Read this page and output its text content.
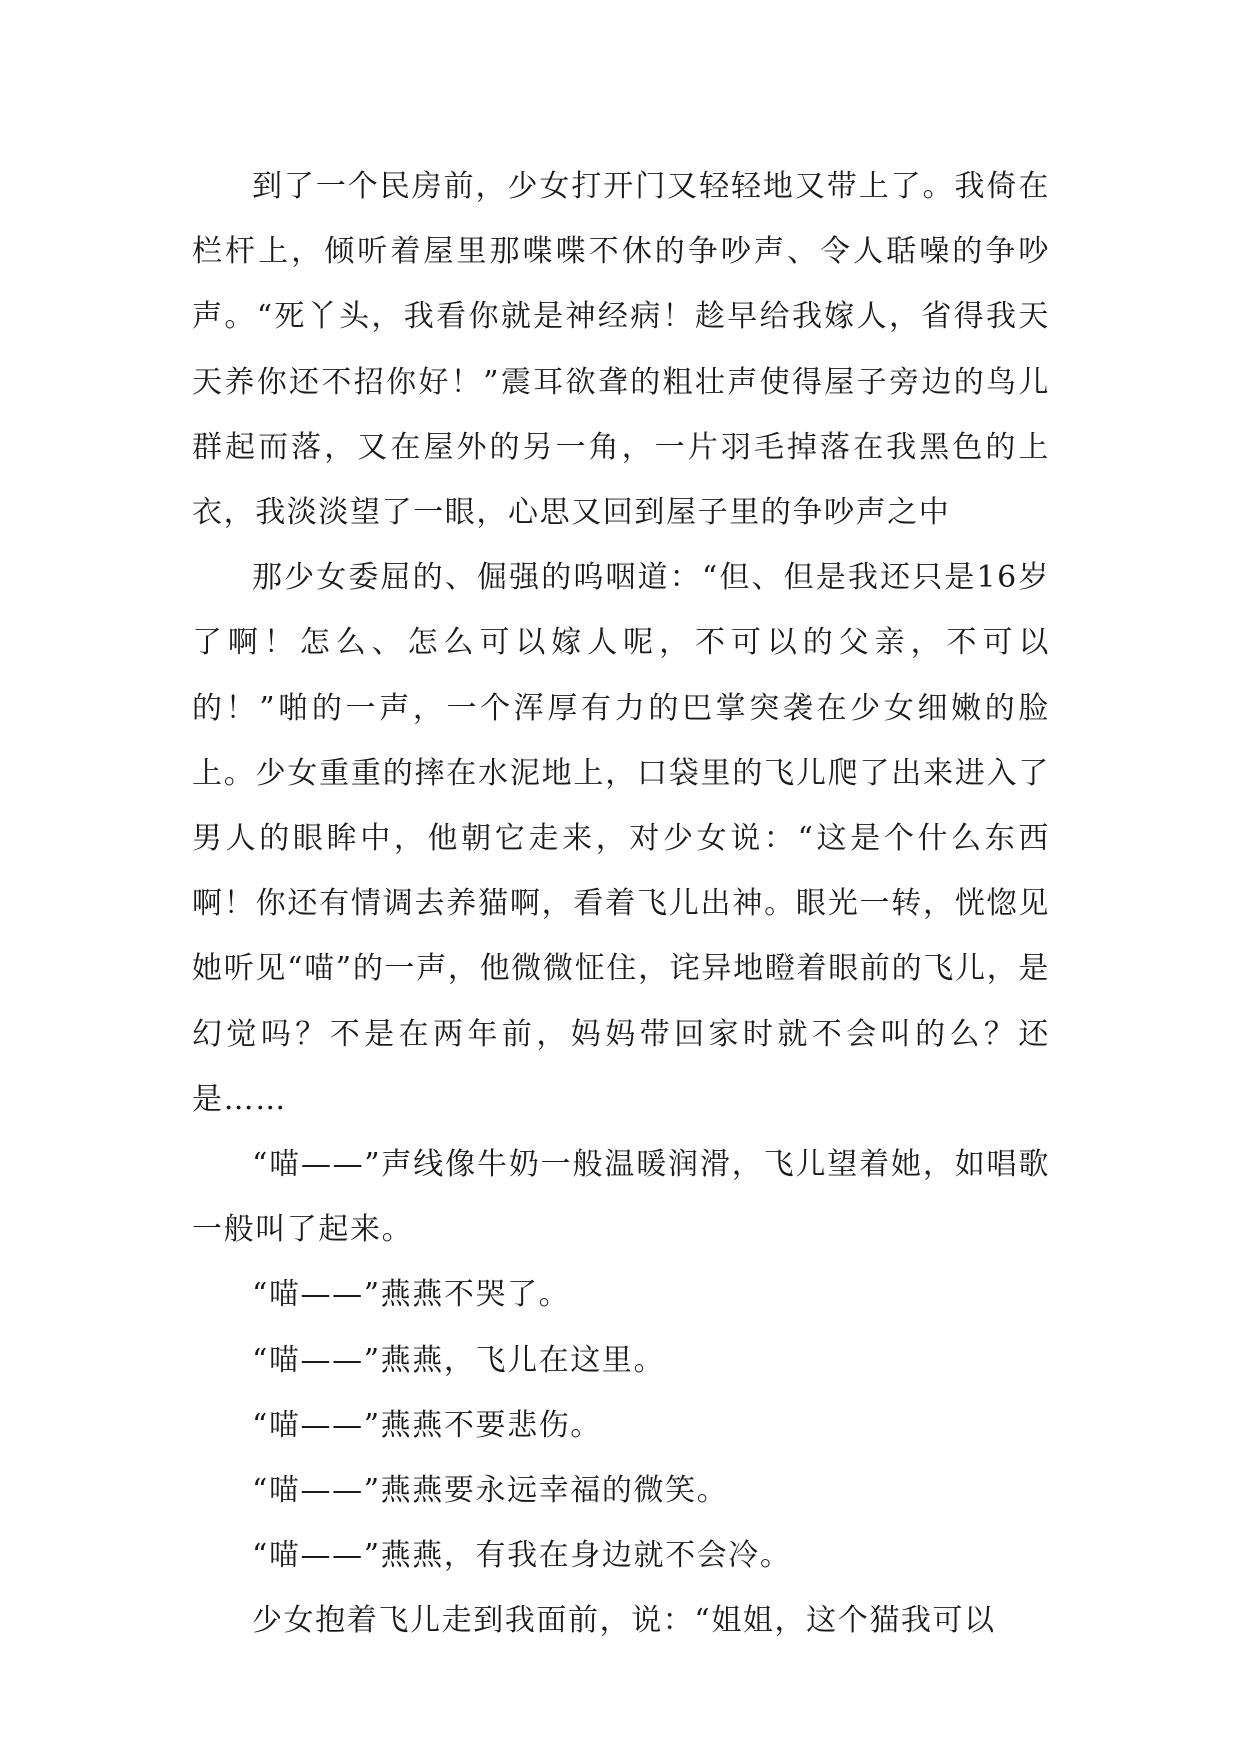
到了一个民房前，少女打开门又轻轻地又带上了。我倚在栏杆上，倾听着屋里那喋喋不休的争吵声、令人聒噪的争吵声。“死丫头，我看你就是神经病！趁早给我嫁人，省得我天天养你还不招你好！”震耳欲聋的粗壮声使得屋子旁边的鸟儿群起而落，又在屋外的另一角，一片羽毛掉落在我黑色的上衣，我淡淡望了一眼，心思又回到屋子里的争吵声之中

那少女委屈的、倔强的呜咽道：“但、但是我还只是16岁了啊！怎么、怎么可以嫁人呢，不可以的父亲，不可以的！”啪的一声，一个浑厚有力的巴掌突袭在少女细嫩的脸上。少女重重的摔在水泥地上，口袋里的飞儿爬了出来进入了男人的眼眸中，他朝它走来，对少女说：“这是个什么东西啊！你还有情调去养猫啊，看着飞儿出神。眼光一转，恍惚见她听见“喵”的一声，他微微怔住，诧异地瞪着眼前的飞儿，是幻觉吗？不是在两年前，妈妈带回家时就不会叫的么？还是……

“喵——”声线像牛奶一般温暖润滑，飞儿望着她，如唱歌一般叫了起来。

“喵——”燕燕不哭了。

“喵——”燕燕，飞儿在这里。

“喵——”燕燕不要悲伤。

“喵——”燕燕要永远幸福的微笑。

“喵——”燕燕，有我在身边就不会冷。

少女抱着飞儿走到我面前，说：“姐姐，这个猫我可以
